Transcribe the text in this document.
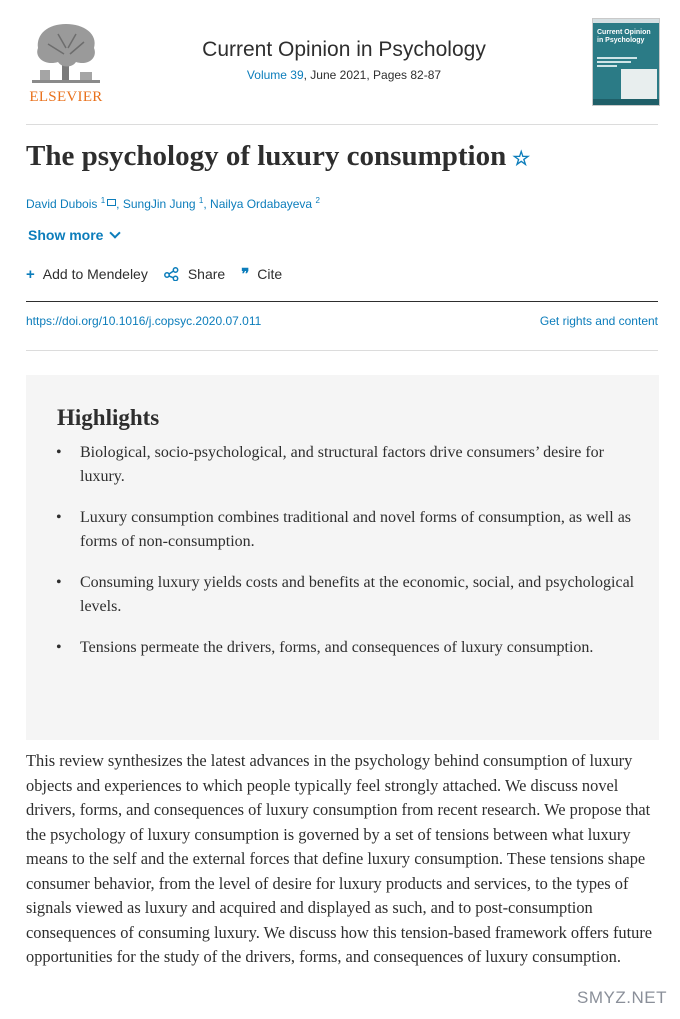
ELSEVIER
Current Opinion in Psychology
Volume 39, June 2021, Pages 82-87
Current Opinion in Psychology
The psychology of luxury consumption ☆
David Dubois $^1$ , SungJin Jung $^1$, Nailya Ordabayeva $^2$
Show more
+ Add to Mendeley	Share ❞ Cite
https://doi.org/10.1016/j.copsyc.2020.07.011	Get rights and content
Highlights
• Biological, socio-psychological, and structural factors drive consumers’ desire for luxury.
• Luxury consumption combines traditional and novel forms of consumption, as well as forms of non-consumption.
• Consuming luxury yields costs and benefits at the economic, social, and psychological levels.
• Tensions permeate the drivers, forms, and consequences of luxury consumption.

This review synthesizes the latest advances in the psychology behind consumption of luxury objects and experiences to which people typically feel strongly attached. We discuss novel drivers, forms, and consequences of luxury consumption from recent research. We propose that the psychology of luxury consumption is governed by a set of tensions between what luxury means to the self and the external forces that define luxury consumption. These tensions shape consumer behavior, from the level of desire for luxury products and services, to the types of signals viewed as luxury and acquired and displayed as such, and to post-consumption consequences of consuming luxury. We discuss how this tension-based framework offers future opportunities for the study of the drivers, forms, and consequences of luxury consumption.

SMYZ.NET
